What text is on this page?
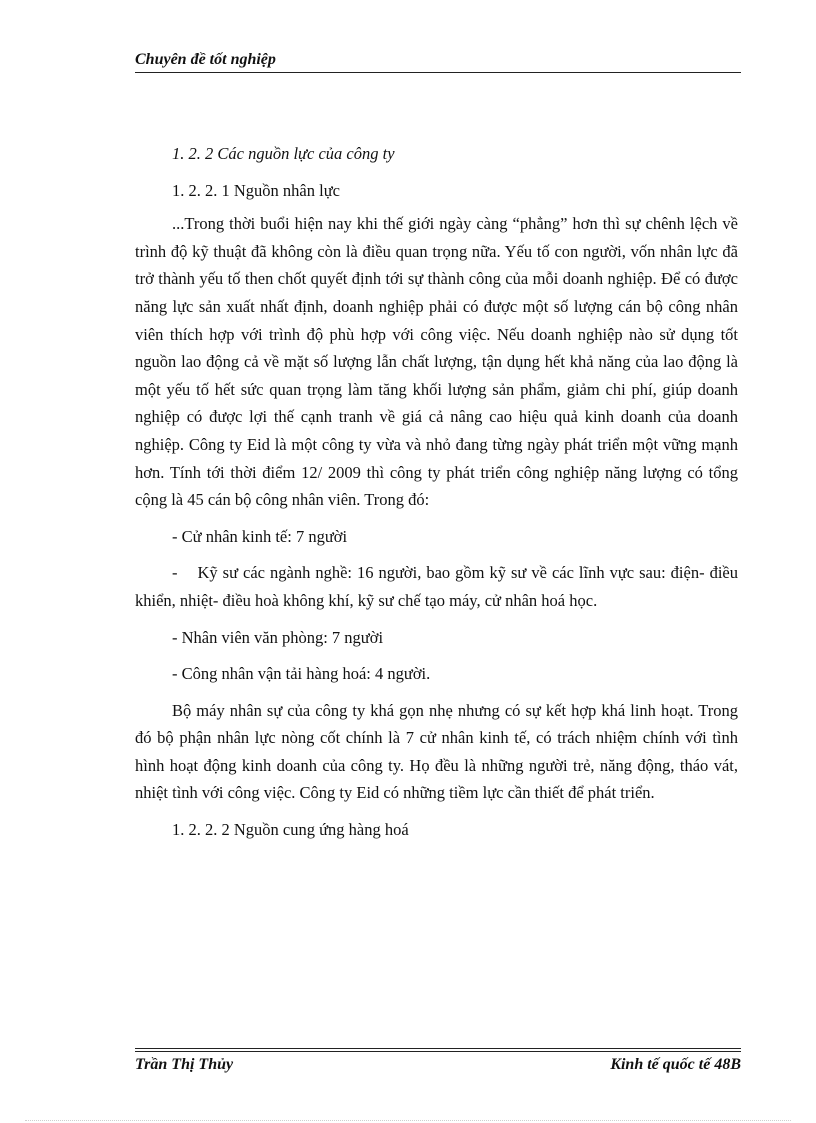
Chuyên đề tốt nghiệp

1. 2. 2 Các nguồn lực của công ty

1. 2. 2. 1 Nguồn nhân lực

...Trong thời buổi hiện nay khi thế giới ngày càng “phẳng” hơn thì sự chênh lệch về trình độ kỹ thuật đã không còn là điều quan trọng nữa. Yếu tố con người, vốn nhân lực đã trở thành yếu tố then chốt quyết định tới sự thành công của mỗi doanh nghiệp. Để có được năng lực sản xuất nhất định, doanh nghiệp phải có được một số lượng cán bộ công nhân viên thích hợp với trình độ phù hợp với công việc. Nếu doanh nghiệp nào sử dụng tốt nguồn lao động cả về mặt số lượng lẫn chất lượng, tận dụng hết khả năng của lao động là một yếu tố hết sức quan trọng làm tăng khối lượng sản phẩm, giảm chi phí, giúp doanh nghiệp có được lợi thế cạnh tranh về giá cả nâng cao hiệu quả kinh doanh của doanh nghiệp. Công ty Eid là một công ty vừa và nhỏ đang từng ngày phát triển một vững mạnh hơn. Tính tới thời điểm 12/ 2009 thì công ty phát triển công nghiệp năng lượng có tổng cộng là 45 cán bộ công nhân viên. Trong đó:

- Cử nhân kinh tế: 7 người

-    Kỹ sư các ngành nghề: 16 người, bao gồm kỹ sư về các lĩnh vực sau: điện- điều khiển, nhiệt- điều hoà không khí, kỹ sư chế tạo máy, cử nhân hoá học.

- Nhân viên văn phòng: 7 người

- Công nhân vận tải hàng hoá: 4 người.

Bộ máy nhân sự của công ty khá gọn nhẹ nhưng có sự kết hợp khá linh hoạt. Trong đó bộ phận nhân lực nòng cốt chính là 7 cử nhân kinh tế, có trách nhiệm chính với tình hình hoạt động kinh doanh của công ty. Họ đều là những người trẻ, năng động, tháo vát, nhiệt tình với công việc. Công ty Eid có những tiềm lực cần thiết để phát triển.

1. 2. 2. 2 Nguồn cung ứng hàng hoá

Trần Thị Thủy	Kinh tế quốc tế 48B
